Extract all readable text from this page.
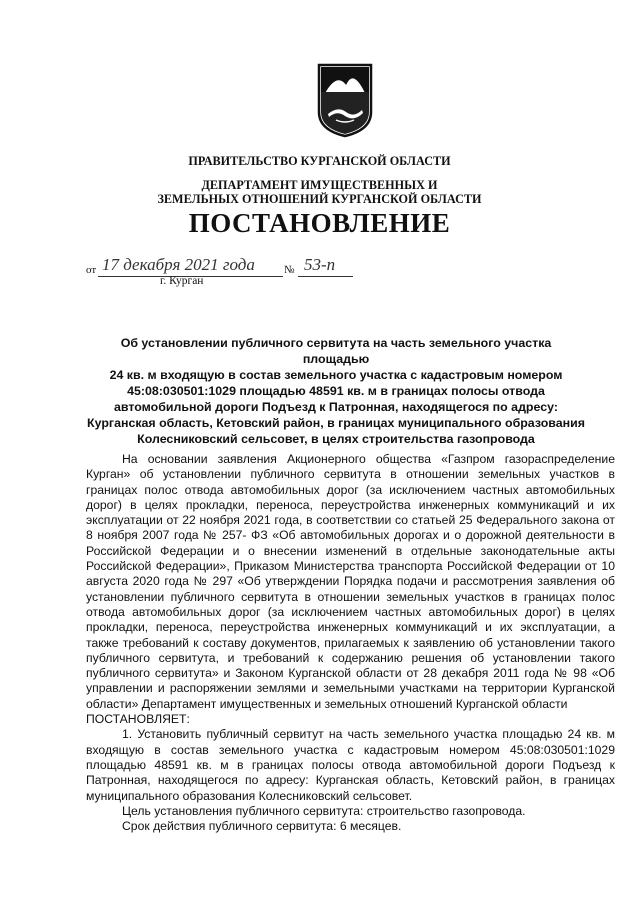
ПРАВИТЕЛЬСТВО КУРГАНСКОЙ ОБЛАСТИ
ДЕПАРТАМЕНТ ИМУЩЕСТВЕННЫХ И
ЗЕМЕЛЬНЫХ ОТНОШЕНИЙ КУРГАНСКОЙ ОБЛАСТИ
ПОСТАНОВЛЕНИЕ
от 17 декабря 2021 года	№ 53-п
г. Курган
Об установлении публичного сервитута на часть земельного участка площадью
24 кв. м входящую в состав земельного участка с кадастровым номером
45:08:030501:1029 площадью 48591 кв. м в границах полосы отвода
автомобильной дороги Подъезд к Патронная, находящегося по адресу:
Курганская область, Кетовский район, в границах муниципального образования
Колесниковский сельсовет, в целях строительства газопровода

На основании заявления Акционерного общества «Газпром газораспределение Курган» об установлении публичного сервитута в отношении земельных участков в границах полос отвода автомобильных дорог (за исключением частных автомобильных дорог) в целях прокладки, переноса, переустройства инженерных коммуникаций и их эксплуатации от 22 ноября 2021 года, в соответствии со статьей 25 Федерального закона от 8 ноября 2007 года № 257- ФЗ «Об автомобильных дорогах и о дорожной деятельности в Российской Федерации и о внесении изменений в отдельные законодательные акты Российской Федерации», Приказом Министерства транспорта Российской Федерации от 10 августа 2020 года № 297 «Об утверждении Порядка подачи и рассмотрения заявления об установлении публичного сервитута в отношении земельных участков в границах полос отвода автомобильных дорог (за исключением частных автомобильных дорог) в целях прокладки, переноса, переустройства инженерных коммуникаций и их эксплуатации, а также требований к составу документов, прилагаемых к заявлению об установлении такого публичного сервитута, и требований к содержанию решения об установлении такого публичного сервитута» и Законом Курганской области от 28 декабря 2011 года № 98 «Об управлении и распоряжении землями и земельными участками на территории Курганской области» Департамент имущественных и земельных отношений Курганской области

ПОСТАНОВЛЯЕТ:

1. Установить публичный сервитут на часть земельного участка площадью 24 кв. м входящую в состав земельного участка с кадастровым номером 45:08:030501:1029 площадью 48591 кв. м в границах полосы отвода автомобильной дороги Подъезд к Патронная, находящегося по адресу: Курганская область, Кетовский район, в границах муниципального образования Колесниковский сельсовет.

Цель установления публичного сервитута: строительство газопровода.

Срок действия публичного сервитута: 6 месяцев.
